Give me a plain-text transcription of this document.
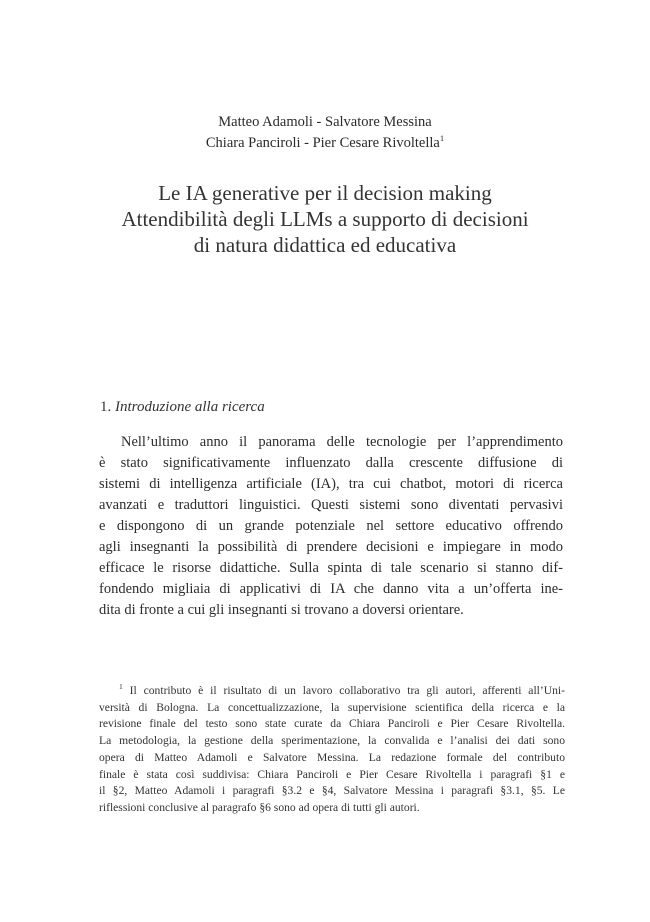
Matteo Adamoli - Salvatore Messina
Chiara Panciroli - Pier Cesare Rivoltella$^1$
Le IA generative per il decision making
Attendibilità degli LLMs a supporto di decisioni
di natura didattica ed educativa
1. Introduzione alla ricerca
Nell’ultimo anno il panorama delle tecnologie per l’apprendimento
è stato significativamente influenzato dalla crescente diffusione di
sistemi di intelligenza artificiale (IA), tra cui chatbot, motori di ricerca
avanzati e traduttori linguistici. Questi sistemi sono diventati pervasivi
e dispongono di un grande potenziale nel settore educativo offrendo
agli insegnanti la possibilità di prendere decisioni e impiegare in modo
efficace le risorse didattiche. Sulla spinta di tale scenario si stanno dif-
fondendo migliaia di applicativi di IA che danno vita a un’offerta ine-
dita di fronte a cui gli insegnanti si trovano a doversi orientare.
$^1$ Il contributo è il risultato di un lavoro collaborativo tra gli autori, afferenti all’Uni-
versità di Bologna. La concettualizzazione, la supervisione scientifica della ricerca e la
revisione finale del testo sono state curate da Chiara Panciroli e Pier Cesare Rivoltella.
La metodologia, la gestione della sperimentazione, la convalida e l’analisi dei dati sono
opera di Matteo Adamoli e Salvatore Messina. La redazione formale del contributo
finale è stata così suddivisa: Chiara Panciroli e Pier Cesare Rivoltella i paragrafi §1 e
il §2, Matteo Adamoli i paragrafi §3.2 e §4, Salvatore Messina i paragrafi §3.1, §5. Le
riflessioni conclusive al paragrafo §6 sono ad opera di tutti gli autori.
